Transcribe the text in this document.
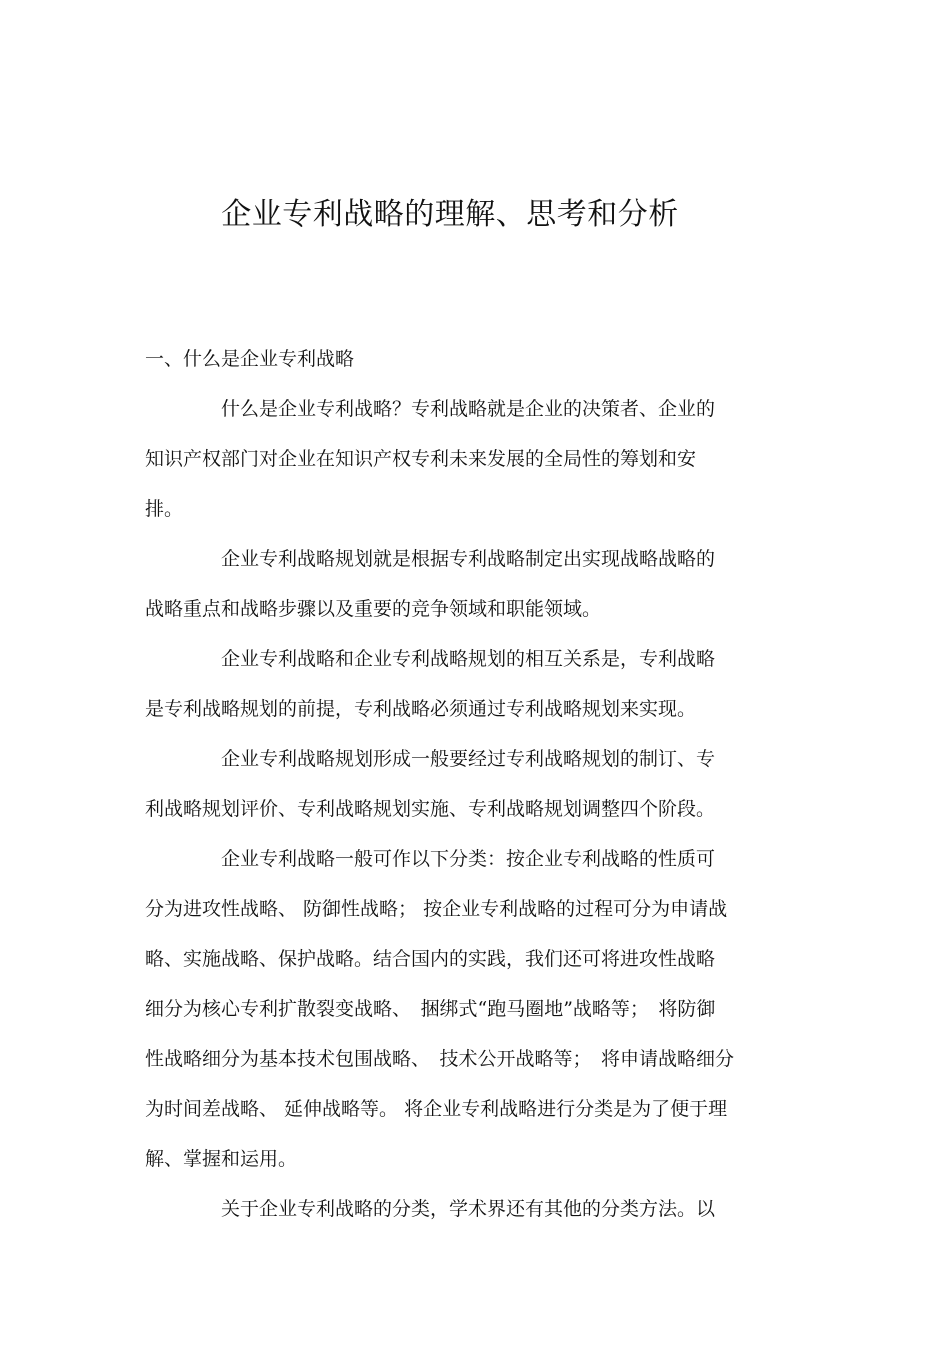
企业专利战略的理解、思考和分析
一、什么是企业专利战略
什么是企业专利战略？专利战略就是企业的决策者、企业的
知识产权部门对企业在知识产权专利未来发展的全局性的筹划和安
排。
企业专利战略规划就是根据专利战略制定出实现战略战略的
战略重点和战略步骤以及重要的竞争领域和职能领域。
企业专利战略和企业专利战略规划的相互关系是，专利战略
是专利战略规划的前提，专利战略必须通过专利战略规划来实现。
企业专利战略规划形成一般要经过专利战略规划的制订、专
利战略规划评价、专利战略规划实施、专利战略规划调整四个阶段。
企业专利战略一般可作以下分类：按企业专利战略的性质可
分为进攻性战略、 防御性战略； 按企业专利战略的过程可分为申请战
略、实施战略、保护战略。结合国内的实践，我们还可将进攻性战略
细分为核心专利扩散裂变战略、　捆绑式“跑马圈地”战略等；　将防御
性战略细分为基本技术包围战略、　技术公开战略等；　将申请战略细分
为时间差战略、 延伸战略等。 将企业专利战略进行分类是为了便于理
解、掌握和运用。
关于企业专利战略的分类，学术界还有其他的分类方法。以
